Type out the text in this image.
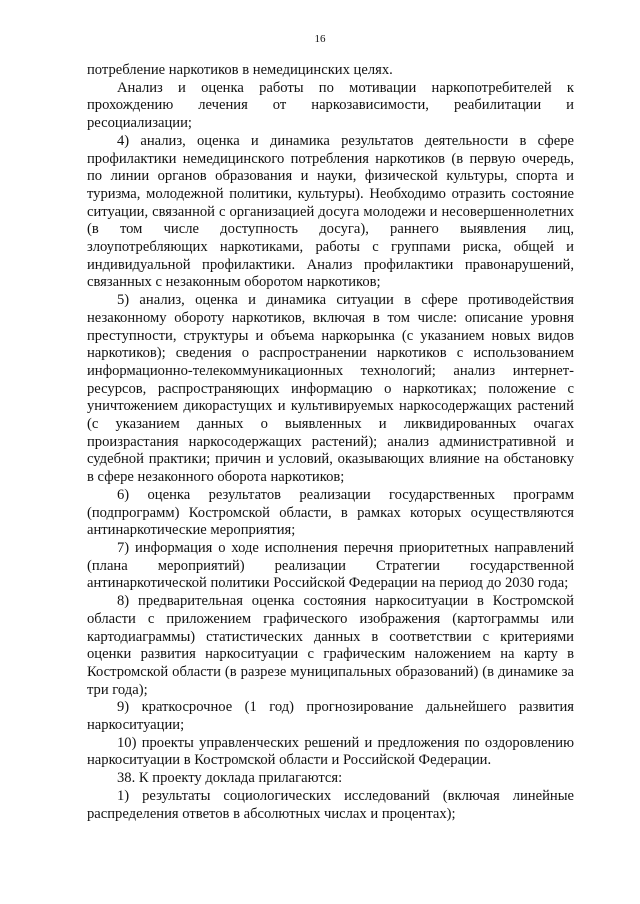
16

потребление наркотиков в немедицинских целях.

Анализ и оценка работы по мотивации наркопотребителей к прохождению лечения от наркозависимости, реабилитации и ресоциализации;

4) анализ, оценка и динамика результатов деятельности в сфере профилактики немедицинского потребления наркотиков (в первую очередь, по линии органов образования и науки, физической культуры, спорта и туризма, молодежной политики, культуры). Необходимо отразить состояние ситуации, связанной с организацией досуга молодежи и несовершеннолетних (в том числе доступность досуга), раннего выявления лиц, злоупотребляющих наркотиками, работы с группами риска, общей и индивидуальной профилактики. Анализ профилактики правонарушений, связанных с незаконным оборотом наркотиков;

5) анализ, оценка и динамика ситуации в сфере противодействия незаконному обороту наркотиков, включая в том числе: описание уровня преступности, структуры и объема наркорынка (с указанием новых видов наркотиков); сведения о распространении наркотиков с использованием информационно-телекоммуникационных технологий; анализ интернет-ресурсов, распространяющих информацию о наркотиках; положение с уничтожением дикорастущих и культивируемых наркосодержащих растений (с указанием данных о выявленных и ликвидированных очагах произрастания наркосодержащих растений); анализ административной и судебной практики; причин и условий, оказывающих влияние на обстановку в сфере незаконного оборота наркотиков;

6) оценка результатов реализации государственных программ (подпрограмм) Костромской области, в рамках которых осуществляются антинаркотические мероприятия;

7) информация о ходе исполнения перечня приоритетных направлений (плана мероприятий) реализации Стратегии государственной антинаркотической политики Российской Федерации на период до 2030 года;

8) предварительная оценка состояния наркоситуации в Костромской области с приложением графического изображения (картограммы или картодиаграммы) статистических данных в соответствии с критериями оценки развития наркоситуации с графическим наложением на карту в Костромской области (в разрезе муниципальных образований) (в динамике за три года);

9) краткосрочное (1 год) прогнозирование дальнейшего развития наркоситуации;

10) проекты управленческих решений и предложения по оздоровлению наркоситуации в Костромской области и Российской Федерации.

38. К проекту доклада прилагаются:

1) результаты социологических исследований (включая линейные распределения ответов в абсолютных числах и процентах);
